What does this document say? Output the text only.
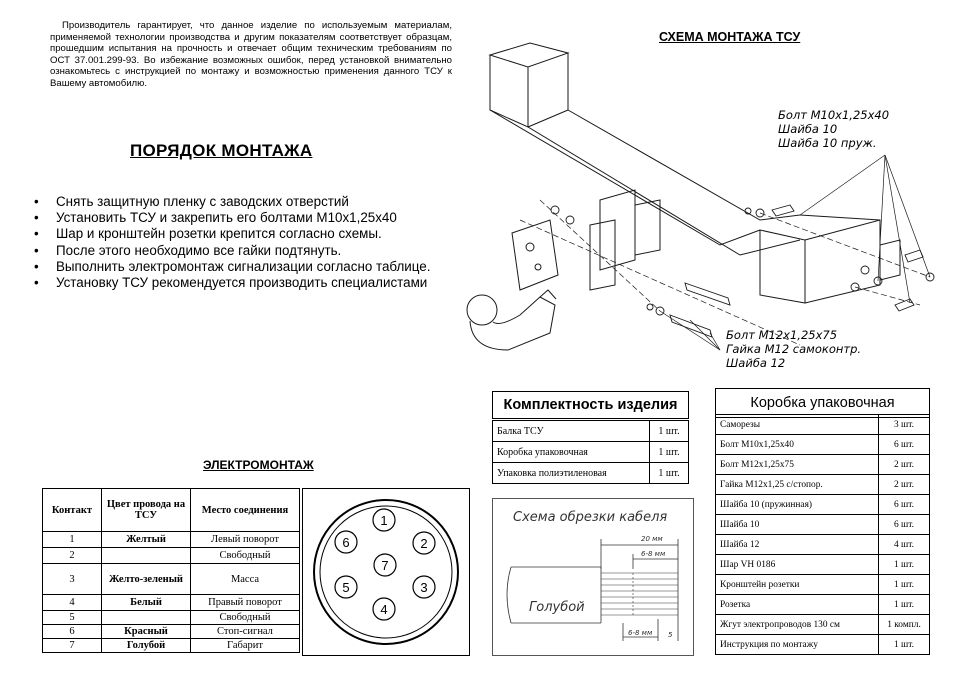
Производитель гарантирует, что данное изделие по используемым материалам, применяемой технологии производства и другим показателям соответствует образцам, прошедшим испытания на прочность и отвечает общим техническим требованиям по ОСТ 37.001.299-93. Во избежание возможных ошибок, перед установкой внимательно ознакомьтесь с инструкцией по монтажу и возможностью применения данного ТСУ к Вашему автомобилю.
ПОРЯДОК МОНТАЖА
• Снять защитную пленку с заводских отверстий
• Установить ТСУ и закрепить его болтами М10х1,25х40
• Шар и кронштейн розетки крепится согласно схемы.
• После этого необходимо все гайки подтянуть.
• Выполнить электромонтаж сигнализации согласно таблице.
• Установку ТСУ рекомендуется производить специалистами
СХЕМА МОНТАЖА ТСУ
Болт М10х1,25х40
Шайба 10
Шайба 10 пруж.
Болт М12х1,25х75
Гайка М12 самоконтр.
Шайба 12
ЭЛЕКТРОМОНТАЖ
Контакт	Цвет провода на ТСУ	Место соединения
1	Желтый	Левый поворот
2		Свободный
3	Желто-зеленый	Масса
4	Белый	Правый поворот
5		Свободный
6	Красный	Стоп-сигнал
7	Голубой	Габарит
1
2
3
4
5
6
7
Комплектность изделия
Балка ТСУ	1 шт.
Коробка упаковочная	1 шт.
Упаковка полиэтиленовая	1 шт.
Схема обрезки кабеля
20 мм
6-8 мм
6-8 мм 5
Голубой
Коробка упаковочная
Саморезы	3 шт.
Болт М10х1,25х40	6 шт.
Болт М12х1,25х75	2 шт.
Гайка М12х1,25 с/стопор.	2 шт.
Шайба 10 (пружинная)	6 шт.
Шайба 10	6 шт.
Шайба 12	4 шт.
Шар VH 0186	1 шт.
Кронштейн розетки	1 шт.
Розетка	1 шт.
Жгут электропроводов 130 см	1 компл.
Инструкция по монтажу	1 шт.
